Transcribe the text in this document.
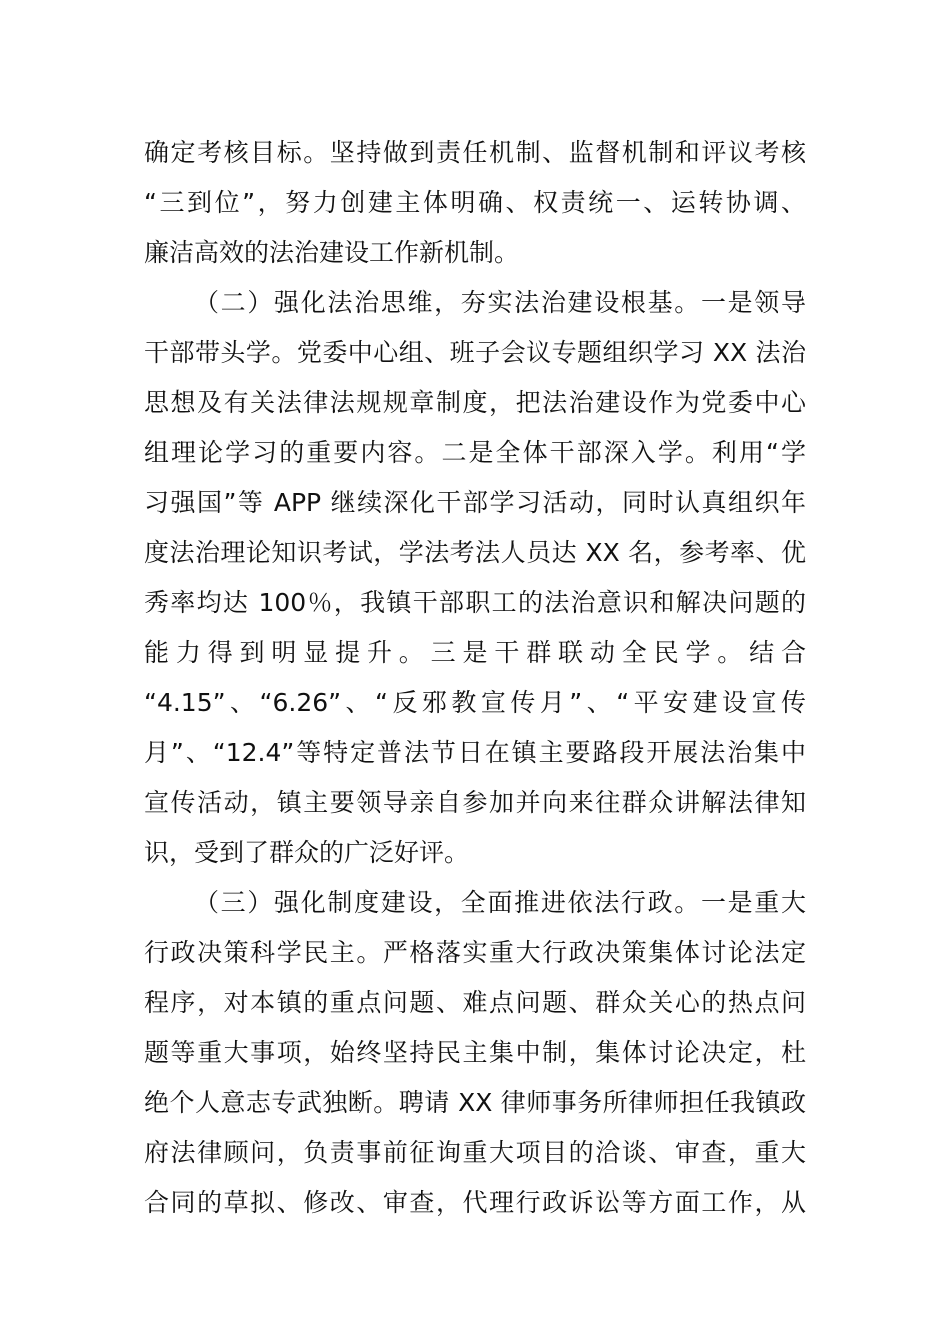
确定考核目标。坚持做到责任机制、监督机制和评议考核
“三到位”，努力创建主体明确、权责统一、运转协调、
廉洁高效的法治建设工作新机制。
（二）强化法治思维，夯实法治建设根基。一是领导
干部带头学。党委中心组、班子会议专题组织学习 XX 法治
思想及有关法律法规规章制度，把法治建设作为党委中心
组理论学习的重要内容。二是全体干部深入学。利用“学
习强国”等 APP 继续深化干部学习活动，同时认真组织年
度法治理论知识考试，学法考法人员达 XX 名，参考率、优
秀率均达 100％，我镇干部职工的法治意识和解决问题的
能力得到明显提升。三是干群联动全民学。结合
“4.15”、“6.26”、“反邪教宣传月”、“平安建设宣传
月”、“12.4”等特定普法节日在镇主要路段开展法治集中
宣传活动，镇主要领导亲自参加并向来往群众讲解法律知
识，受到了群众的广泛好评。
（三）强化制度建设，全面推进依法行政。一是重大
行政决策科学民主。严格落实重大行政决策集体讨论法定
程序，对本镇的重点问题、难点问题、群众关心的热点问
题等重大事项，始终坚持民主集中制，集体讨论决定，杜
绝个人意志专武独断。聘请 XX 律师事务所律师担任我镇政
府法律顾问，负责事前征询重大项目的洽谈、审查，重大
合同的草拟、修改、审查，代理行政诉讼等方面工作，从
